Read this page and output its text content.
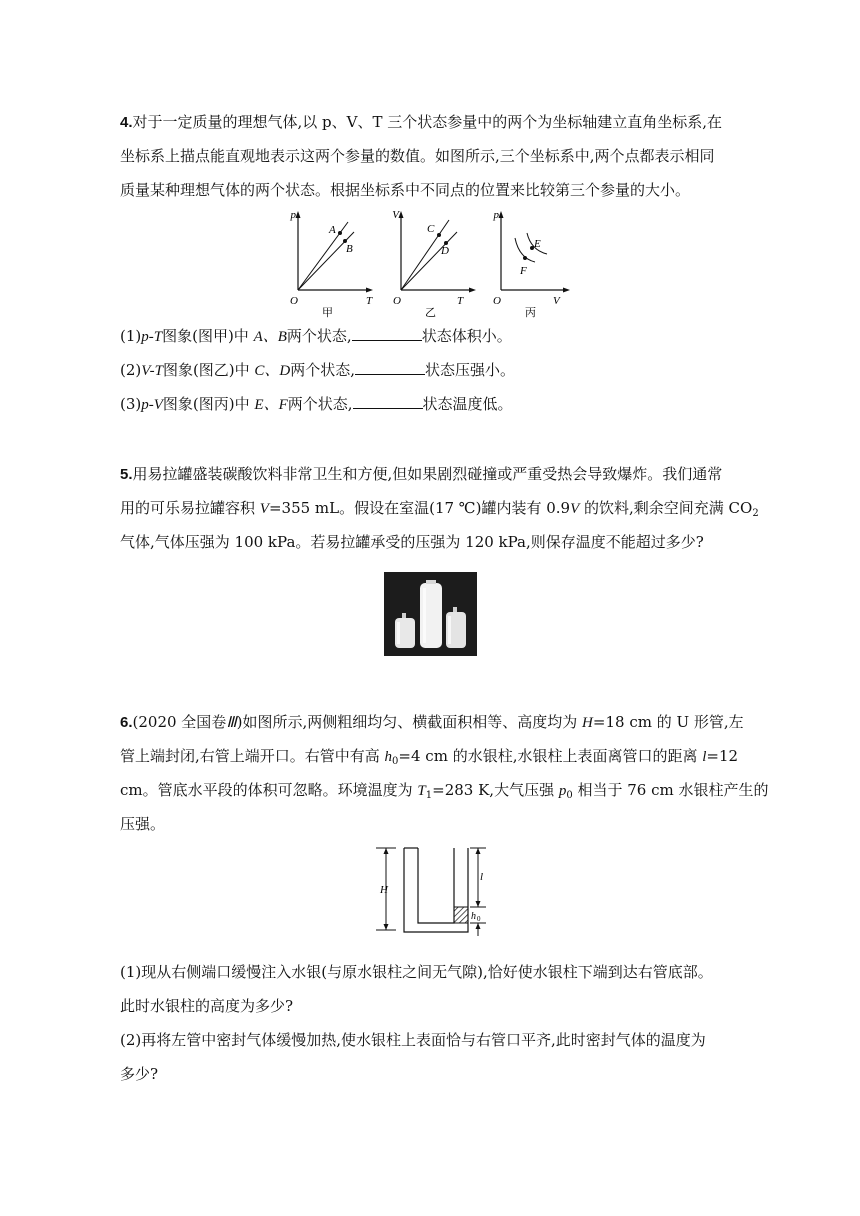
4.对于一定质量的理想气体,以 p、V、T 三个状态参量中的两个为坐标轴建立直角坐标系,在
坐标系上描点能直观地表示这两个参量的数值。如图所示,三个坐标系中,两个点都表示相同
质量某种理想气体的两个状态。根据坐标系中不同点的位置来比较第三个参量的大小。
p
T
O
A
B
甲
V
T
O
C
D
乙
p
V
O
E
F
丙
(1)p-T图象(图甲)中 A、B两个状态,	状态体积小。
(2)V-T图象(图乙)中 C、D两个状态,	状态压强小。
(3)p-V图象(图丙)中 E、F两个状态,	状态温度低。
5.用易拉罐盛装碳酸饮料非常卫生和方便,但如果剧烈碰撞或严重受热会导致爆炸。我们通常
用的可乐易拉罐容积 V=355 mL。假设在室温(17 ℃)罐内装有 0.9V 的饮料,剩余空间充满 $CO_2$
气体,气体压强为 100 kPa。若易拉罐承受的压强为 120 kPa,则保存温度不能超过多少?
6.(2020 全国卷Ⅲ)如图所示,两侧粗细均匀、横截面积相等、高度均为 H=18 cm 的 U 形管,左
管上端封闭,右管上端开口。右管中有高 $h_0=4$ cm 的水银柱,水银柱上表面离管口的距离 l=12
cm。管底水平段的体积可忽略。环境温度为 $T_1=283$ K,大气压强 $p_0$ 相当于 76 cm 水银柱产生的
压强。
H
l
h 0
(1)现从右侧端口缓慢注入水银(与原水银柱之间无气隙),恰好使水银柱下端到达右管底部。
此时水银柱的高度为多少?
(2)再将左管中密封气体缓慢加热,使水银柱上表面恰与右管口平齐,此时密封气体的温度为
多少?
